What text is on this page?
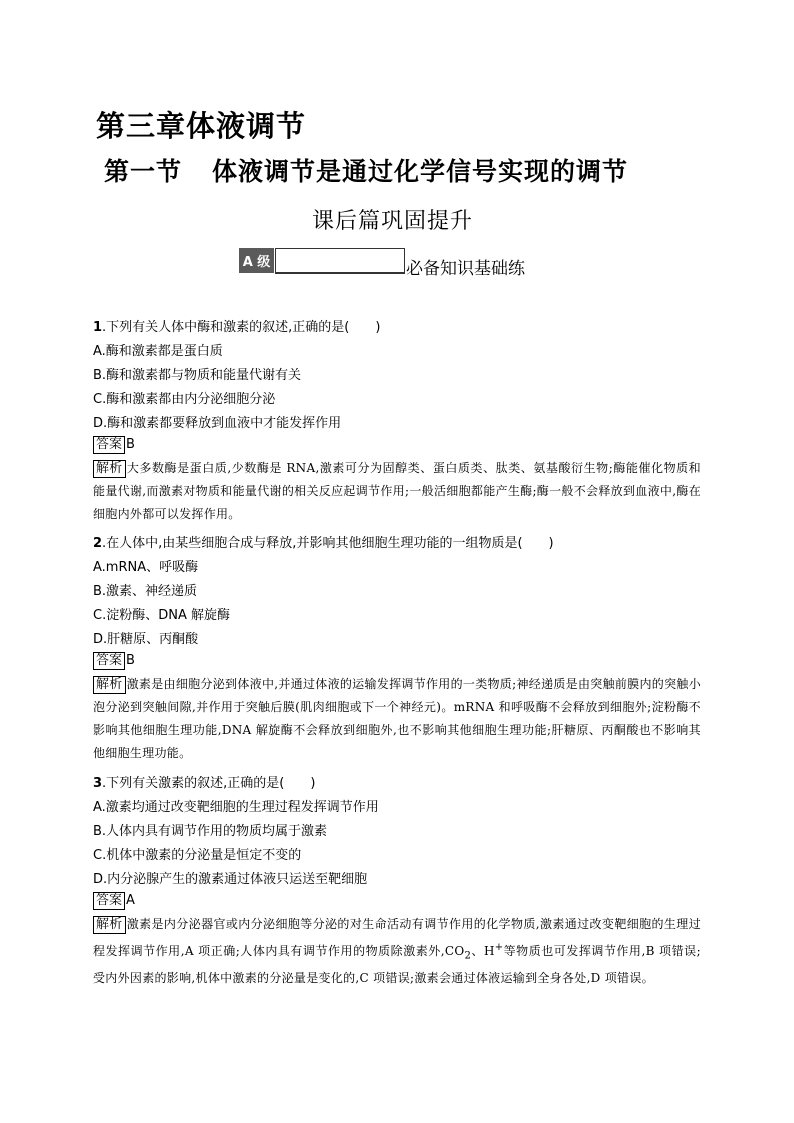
第三章体液调节
第一节 体液调节是通过化学信号实现的调节
课后篇巩固提升
A 级	必备知识基础练
1.下列有关人体中酶和激素的叙述,正确的是(　　)
A.酶和激素都是蛋白质
B.酶和激素都与物质和能量代谢有关
C.酶和激素都由内分泌细胞分泌
D.酶和激素都要释放到血液中才能发挥作用
答案 B
解析 大多数酶是蛋白质,少数酶是 RNA,激素可分为固醇类、蛋白质类、肽类、氨基酸衍生物;酶能催化物质和能量代谢,而激素对物质和能量代谢的相关反应起调节作用;一般活细胞都能产生酶;酶一般不会释放到血液中,酶在细胞内外都可以发挥作用。
2.在人体中,由某些细胞合成与释放,并影响其他细胞生理功能的一组物质是(　　)
A.mRNA、呼吸酶
B.激素、神经递质
C.淀粉酶、DNA 解旋酶
D.肝糖原、丙酮酸
答案 B
解析 激素是由细胞分泌到体液中,并通过体液的运输发挥调节作用的一类物质;神经递质是由突触前膜内的突触小泡分泌到突触间隙,并作用于突触后膜(肌肉细胞或下一个神经元)。mRNA 和呼吸酶不会释放到细胞外;淀粉酶不影响其他细胞生理功能,DNA 解旋酶不会释放到细胞外,也不影响其他细胞生理功能;肝糖原、丙酮酸也不影响其他细胞生理功能。
3.下列有关激素的叙述,正确的是(　　)
A.激素均通过改变靶细胞的生理过程发挥调节作用
B.人体内具有调节作用的物质均属于激素
C.机体中激素的分泌量是恒定不变的
D.内分泌腺产生的激素通过体液只运送至靶细胞
答案 A
解析 激素是内分泌器官或内分泌细胞等分泌的对生命活动有调节作用的化学物质,激素通过改变靶细胞的生理过程发挥调节作用,A 项正确;人体内具有调节作用的物质除激素外$,CO_2$、H+等物质也可发挥调节作用,B 项错误;受内外因素的影响,机体中激素的分泌量是变化的,C 项错误;激素会通过体液运输到全身各处,D 项错误。
